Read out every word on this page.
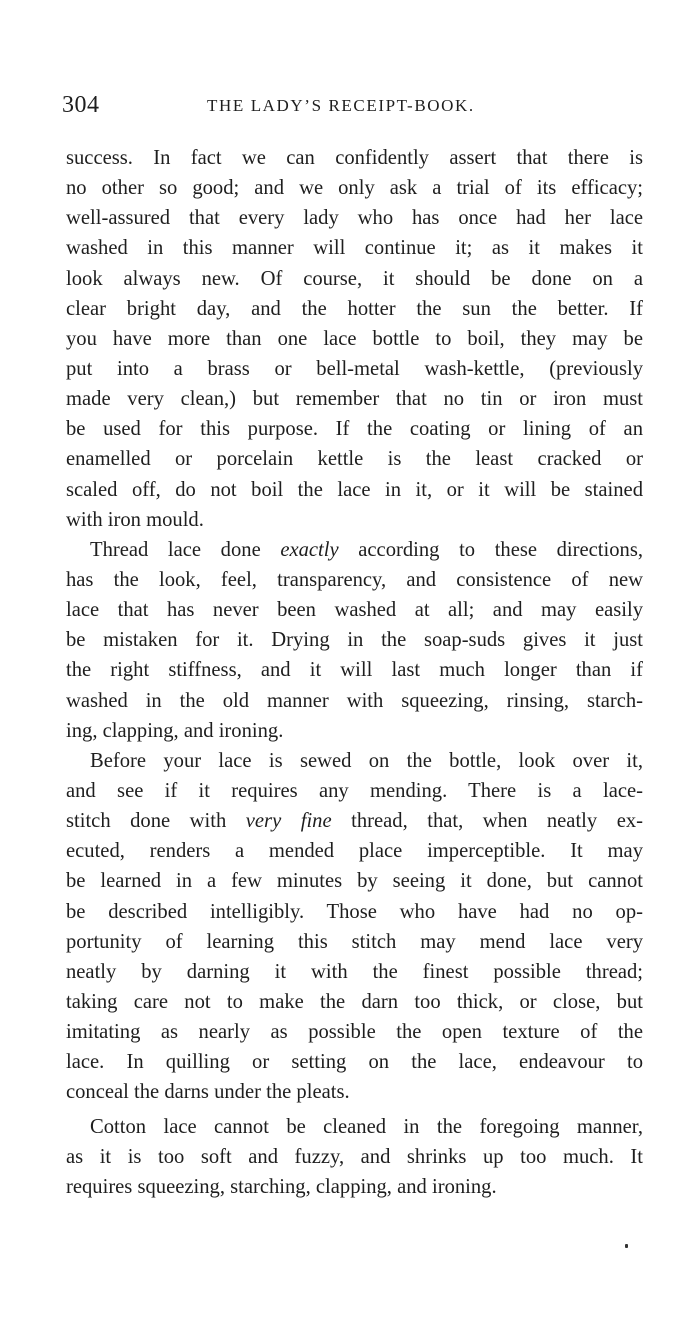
304	THE LADY’S RECEIPT-BOOK.
success. In fact we can confidently assert that there is
no other so good; and we only ask a trial of its efficacy;
well-assured that every lady who has once had her lace
washed in this manner will continue it; as it makes it
look always new. Of course, it should be done on a
clear bright day, and the hotter the sun the better. If
you have more than one lace bottle to boil, they may be
put into a brass or bell-metal wash-kettle, (previously
made very clean,) but remember that no tin or iron must
be used for this purpose. If the coating or lining of an
enamelled or porcelain kettle is the least cracked or
scaled off, do not boil the lace in it, or it will be stained
with iron mould.
Thread lace done exactly according to these directions,
has the look, feel, transparency, and consistence of new
lace that has never been washed at all; and may easily
be mistaken for it. Drying in the soap-suds gives it just
the right stiffness, and it will last much longer than if
washed in the old manner with squeezing, rinsing, starch-
ing, clapping, and ironing.
Before your lace is sewed on the bottle, look over it,
and see if it requires any mending. There is a lace-
stitch done with very fine thread, that, when neatly ex-
ecuted, renders a mended place imperceptible. It may
be learned in a few minutes by seeing it done, but cannot
be described intelligibly. Those who have had no op-
portunity of learning this stitch may mend lace very
neatly by darning it with the finest possible thread;
taking care not to make the darn too thick, or close, but
imitating as nearly as possible the open texture of the
lace. In quilling or setting on the lace, endeavour to
conceal the darns under the pleats.
Cotton lace cannot be cleaned in the foregoing manner,
as it is too soft and fuzzy, and shrinks up too much. It
requires squeezing, starching, clapping, and ironing.
